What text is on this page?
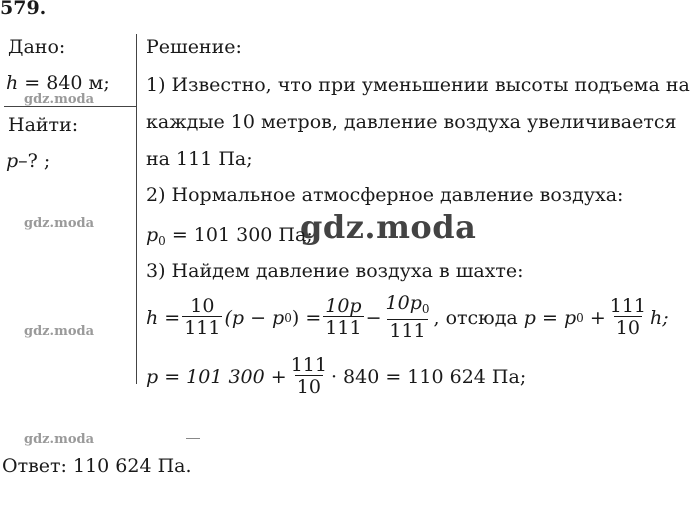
579.
Дано:
h = 840 м;
Найти:
p–? ;
Решение:
1) Известно, что при уменьшении высоты подъема на
каждые 10 метров, давление воздуха увеличивается
на 111 Па;
2) Нормальное атмосферное давление воздуха:
$p_0 = 101$ 300 Па;
3) Найдем давление воздуха в шахте:
h
= $\frac{10}{111} (p - p$ 0 ) = $\frac{10p}{111} - \frac{10p_0}{111}$ , отсюда
p
= p 0
+ $\frac{111}{10} h$;
p = 101 $300 + \frac{111}{10} \cdot 840 = 110$ 624 Па;
Ответ: 110 624 Па.
gdz.moda
gdz.moda
gdz.moda
gdz.moda
gdz.moda
